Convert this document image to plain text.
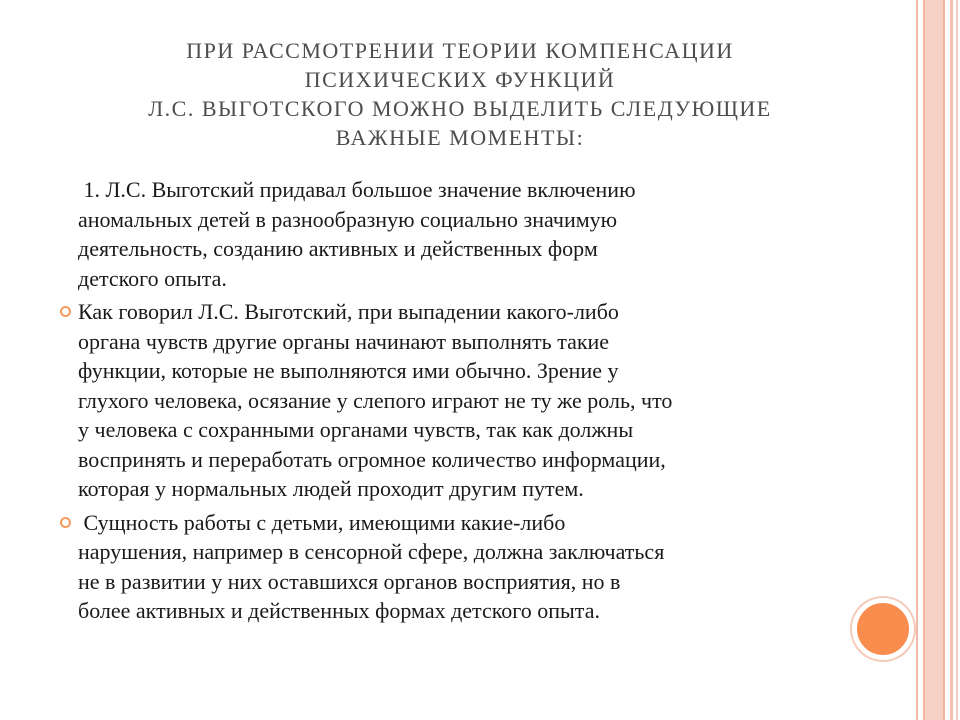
ПРИ РАССМОТРЕНИИ ТЕОРИИ КОМПЕНСАЦИИ
ПСИХИЧЕСКИХ ФУНКЦИЙ
Л.С. ВЫГОТСКОГО МОЖНО ВЫДЕЛИТЬ СЛЕДУЮЩИЕ
ВАЖНЫЕ МОМЕНТЫ:
1. Л.С. Выготский придавал большое значение включению
аномальных детей в разнообразную социально значимую
деятельность, созданию активных и действенных форм
детского опыта.
Как говорил Л.С. Выготский, при выпадении какого-либо
органа чувств другие органы начинают выполнять такие
функции, которые не выполняются ими обычно. Зрение у
глухого человека, осязание у слепого играют не ту же роль, что
у человека с сохранными органами чувств, так как должны
воспринять и переработать огромное количество информации,
которая у нормальных людей проходит другим путем.
Сущность работы с детьми, имеющими какие-либо
нарушения, например в сенсорной сфере, должна заключаться
не в развитии у них оставшихся органов восприятия, но в
более активных и действенных формах детского опыта.
